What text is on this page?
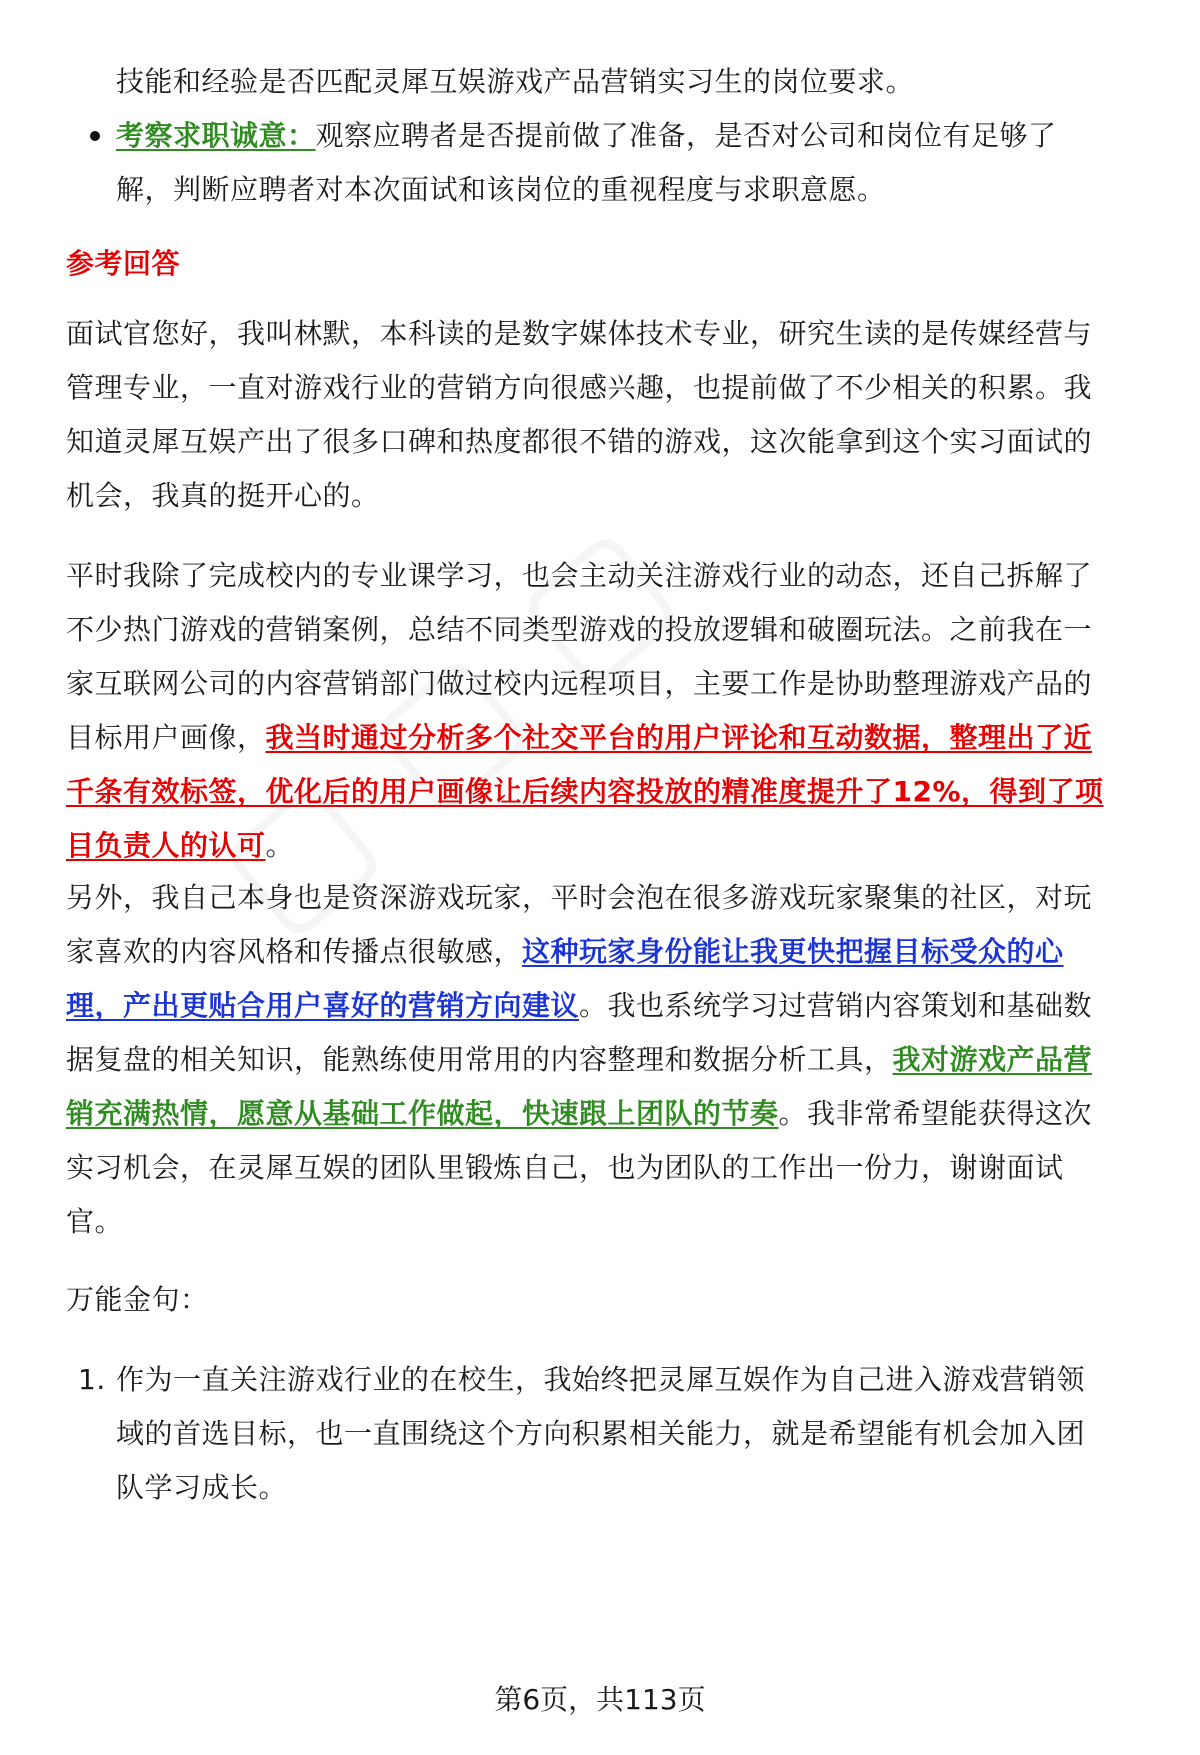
技能和经验是否匹配灵犀互娱游戏产品营销实习生的岗位要求。
考察求职诚意：观察应聘者是否提前做了准备，是否对公司和岗位有足够了
解，判断应聘者对本次面试和该岗位的重视程度与求职意愿。
参考回答
面试官您好，我叫林默，本科读的是数字媒体技术专业，研究生读的是传媒经营与
管理专业，一直对游戏行业的营销方向很感兴趣，也提前做了不少相关的积累。我
知道灵犀互娱产出了很多口碑和热度都很不错的游戏，这次能拿到这个实习面试的
机会，我真的挺开心的。
平时我除了完成校内的专业课学习，也会主动关注游戏行业的动态，还自己拆解了
不少热门游戏的营销案例，总结不同类型游戏的投放逻辑和破圈玩法。之前我在一
家互联网公司的内容营销部门做过校内远程项目，主要工作是协助整理游戏产品的
目标用户画像，我当时通过分析多个社交平台的用户评论和互动数据，整理出了近
千条有效标签，优化后的用户画像让后续内容投放的精准度提升了12%，得到了项
目负责人的认可。
另外，我自己本身也是资深游戏玩家，平时会泡在很多游戏玩家聚集的社区，对玩
家喜欢的内容风格和传播点很敏感，这种玩家身份能让我更快把握目标受众的心
理，产出更贴合用户喜好的营销方向建议。我也系统学习过营销内容策划和基础数
据复盘的相关知识，能熟练使用常用的内容整理和数据分析工具，我对游戏产品营
销充满热情，愿意从基础工作做起，快速跟上团队的节奏。我非常希望能获得这次
实习机会，在灵犀互娱的团队里锻炼自己，也为团队的工作出一份力，谢谢面试
官。
万能金句：
1. 作为一直关注游戏行业的在校生，我始终把灵犀互娱作为自己进入游戏营销领
域的首选目标，也一直围绕这个方向积累相关能力，就是希望能有机会加入团
队学习成长。
第6页，共113页
